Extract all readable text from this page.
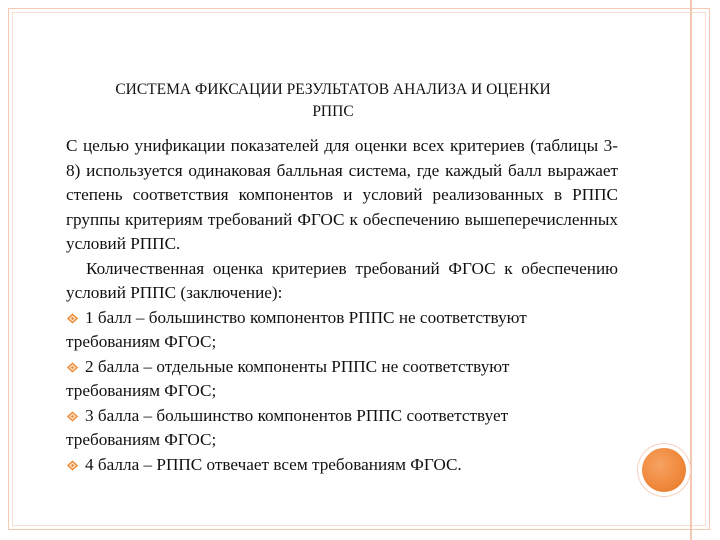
СИСТЕМА ФИКСАЦИИ РЕЗУЛЬТАТОВ АНАЛИЗА И ОЦЕНКИ
РППС

С целью унификации показателей для оценки всех критериев (таблицы 3-8) используется одинаковая балльная система, где каждый балл выражает степень соответствия компонентов и условий реализованных в РППС группы критериям требований ФГОС к обеспечению вышеперечисленных условий РППС.

Количественная оценка критериев требований ФГОС к обеспечению условий РППС (заключение):

1 балл – большинство компонентов РППС не соответствуют
требованиям ФГОС;

2 балла – отдельные компоненты РППС не соответствуют
требованиям ФГОС;

3 балла – большинство компонентов РППС соответствует
требованиям ФГОС;

4 балла – РППС отвечает всем требованиям ФГОС.
